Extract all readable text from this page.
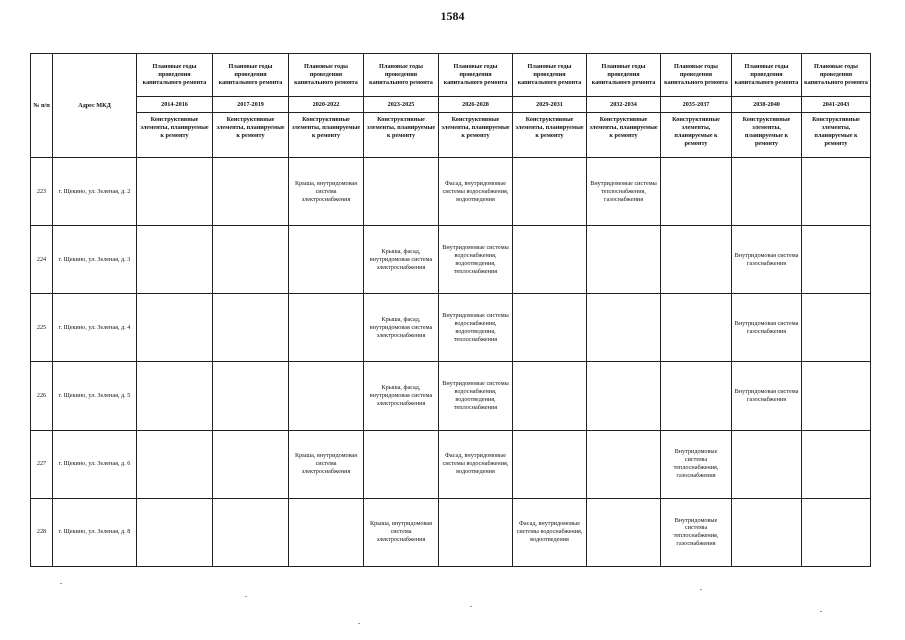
1584
№ п/п	Адрес МКД	Плановые годы проведения капитального ремонта	Плановые годы проведения капитального ремонта	Плановые годы проведения капитального ремонта	Плановые годы проведения капитального ремонта	Плановые годы проведения капитального ремонта	Плановые годы проведения капитального ремонта	Плановые годы проведения капитального ремонта	Плановые годы проведения капитального ремонта	Плановые годы проведения капитального ремонта	Плановые годы проведения капитального ремонта
		2014-2016	2017-2019	2020-2022	2023-2025	2026-2028	2029-2031	2032-2034	2035-2037	2038-2040	2041-2043
		Конструктивные элементы, планируемые к ремонту	Конструктивные элементы, планируемые к ремонту	Конструктивные элементы, планируемые к ремонту	Конструктивные элементы, планируемые к ремонту	Конструктивные элементы, планируемые к ремонту	Конструктивные элементы, планируемые к ремонту	Конструктивные элементы, планируемые к ремонту	Конструктивные элементы, планируемые к ремонту	Конструктивные элементы, планируемые к ремонту	Конструктивные элементы, планируемые к ремонту
223	г. Щекино, ул. Зеленая, д. 2			Крыша, внутридомовая система электроснабжения		Фасад, внутридомовые системы водоснабжения, водоотведения		Внутридомовые системы теплоснабжения, газоснабжения			
224	г. Щекино, ул. Зеленая, д. 3				Крыша, фасад, внутридомовая система электроснабжения	Внутридомовые системы водоснабжения, водоотведения, теплоснабжения				Внутридомовая система газоснабжения	
225	г. Щекино, ул. Зеленая, д. 4				Крыша, фасад, внутридомовая система электроснабжения	Внутридомовые системы водоснабжения, водоотведения, теплоснабжения				Внутридомовая система газоснабжения	
226	г. Щекино, ул. Зеленая, д. 5				Крыша, фасад, внутридомовая система электроснабжения	Внутридомовые системы водоснабжения, водоотведения, теплоснабжения				Внутридомовая система газоснабжения	
227	г. Щекино, ул. Зеленая, д. 6			Крыша, внутридомовая система электроснабжения		Фасад, внутридомовые системы водоснабжения, водоотведения			Внутридомовые системы теплоснабжения, газоснабжения		
228	г. Щекино, ул. Зеленая, д. 8				Крыша, внутридомовая система электроснабжения		Фасад, внутридомовые системы водоснабжения, водоотведения		Внутридомовые системы теплоснабжения, газоснабжения		
